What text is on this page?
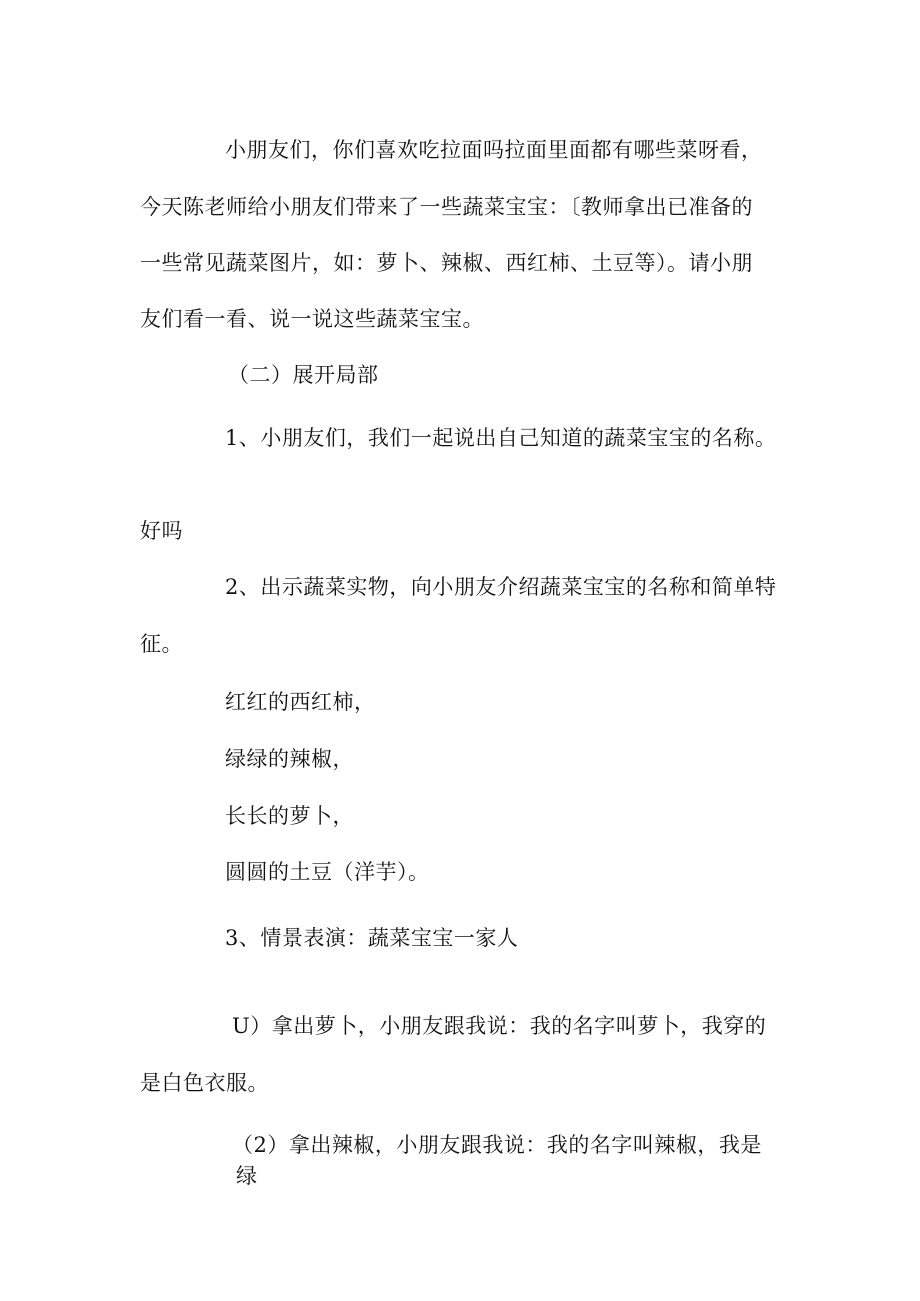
小朋友们，你们喜欢吃拉面吗拉面里面都有哪些菜呀看，
今天陈老师给小朋友们带来了一些蔬菜宝宝：〔教师拿出已准备的
一些常见蔬菜图片，如：萝卜、辣椒、西红柿、土豆等）。请小朋
友们看一看、说一说这些蔬菜宝宝。
（二）展开局部
1、小朋友们，我们一起说出自己知道的蔬菜宝宝的名称。
好吗
2、出示蔬菜实物，向小朋友介绍蔬菜宝宝的名称和简单特
征。
红红的西红柿，
绿绿的辣椒，
长长的萝卜，
圆圆的土豆（洋芋）。
3、情景表演：蔬菜宝宝一家人
U）拿出萝卜，小朋友跟我说：我的名字叫萝卜，我穿的
是白色衣服。
（2）拿出辣椒，小朋友跟我说：我的名字叫辣椒，我是
绿
